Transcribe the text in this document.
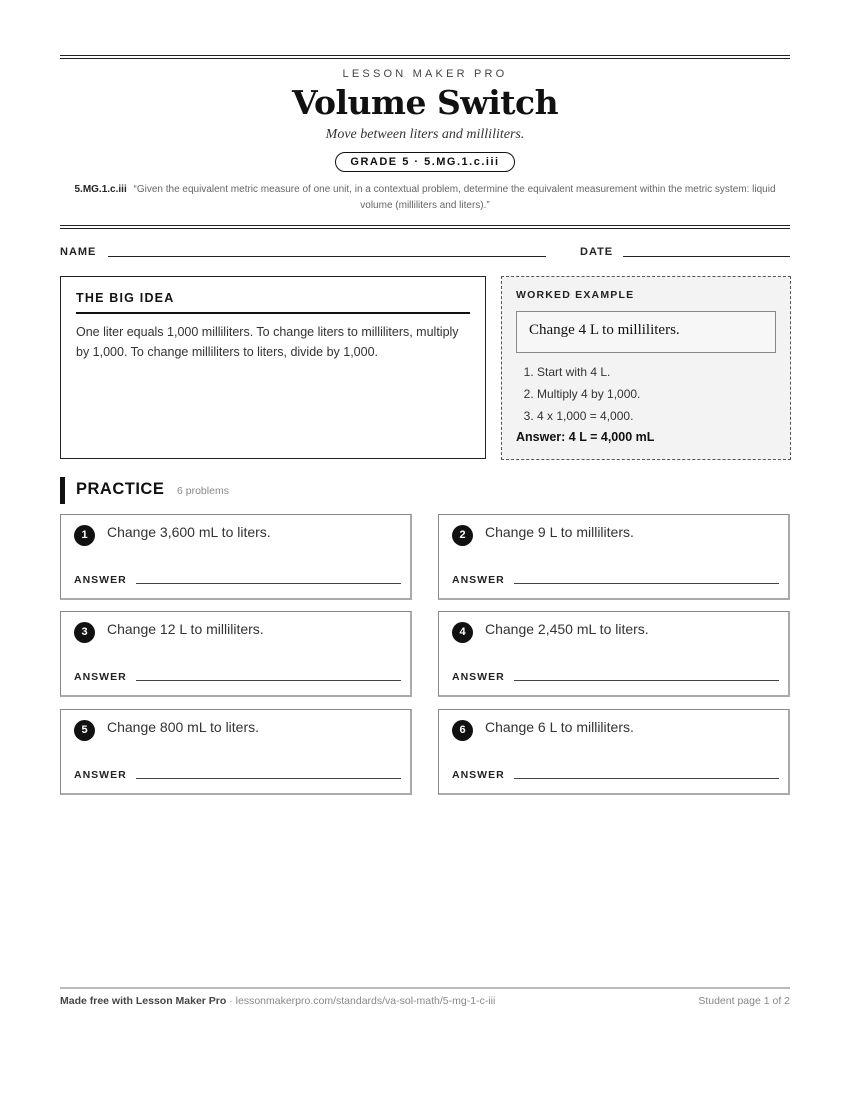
LESSON MAKER PRO
Volume Switch
Move between liters and milliliters.
GRADE 5 · 5.MG.1.c.iii
5.MG.1.c.iii “Given the equivalent metric measure of one unit, in a contextual problem, determine the equivalent measurement within the metric system: liquid volume (milliliters and liters).”
NAME	DATE
THE BIG IDEA

One liter equals 1,000 milliliters. To change liters to milliliters, multiply by 1,000. To change milliliters to liters, divide by 1,000.

WORKED EXAMPLE
Change 4 L to milliliters.
1. Start with 4 L.
2. Multiply 4 by 1,000.
3. 4 x 1,000 = 4,000.
Answer: 4 L = 4,000 mL
PRACTICE 6 problems
1	Change 3,600 mL to liters.
ANSWER
2	Change 9 L to milliliters.
ANSWER
3	Change 12 L to milliliters.
ANSWER
4	Change 2,450 mL to liters.
ANSWER
5	Change 800 mL to liters.
ANSWER
6	Change 6 L to milliliters.
ANSWER
Made free with Lesson Maker Pro · lessonmakerpro.com/standards/va-sol-math/5-mg-1-c-iii	Student page 1 of 2
